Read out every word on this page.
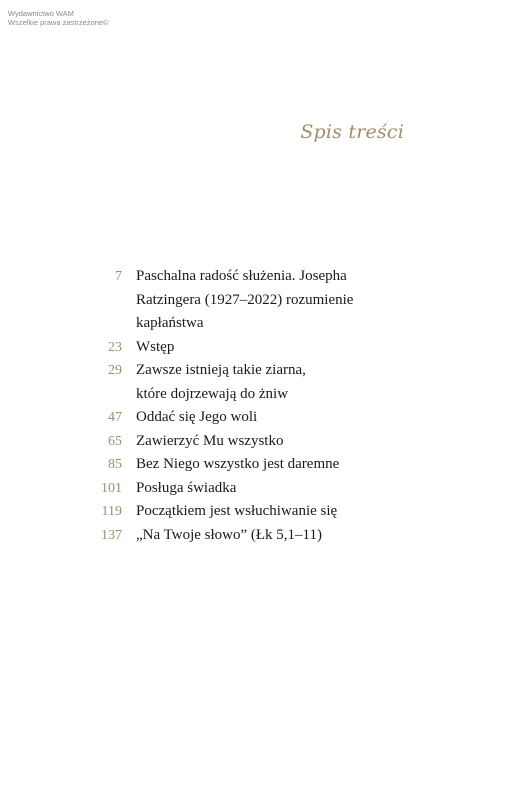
Wydawnictwo WAM
Wszelkie prawa zastrzeżone©
Spis treści
7 Paschalna radość służenia. Josepha
Ratzingera (1927–2022) rozumienie
kapłaństwa
23 Wstęp
29 Zawsze istnieją takie ziarna,
które dojrzewają do żniw
47 Oddać się Jego woli
65 Zawierzyć Mu wszystko
85 Bez Niego wszystko jest daremne
101 Posługa świadka
119 Początkiem jest wsłuchiwanie się
137 „Na Twoje słowo” (Łk 5,1–11)
